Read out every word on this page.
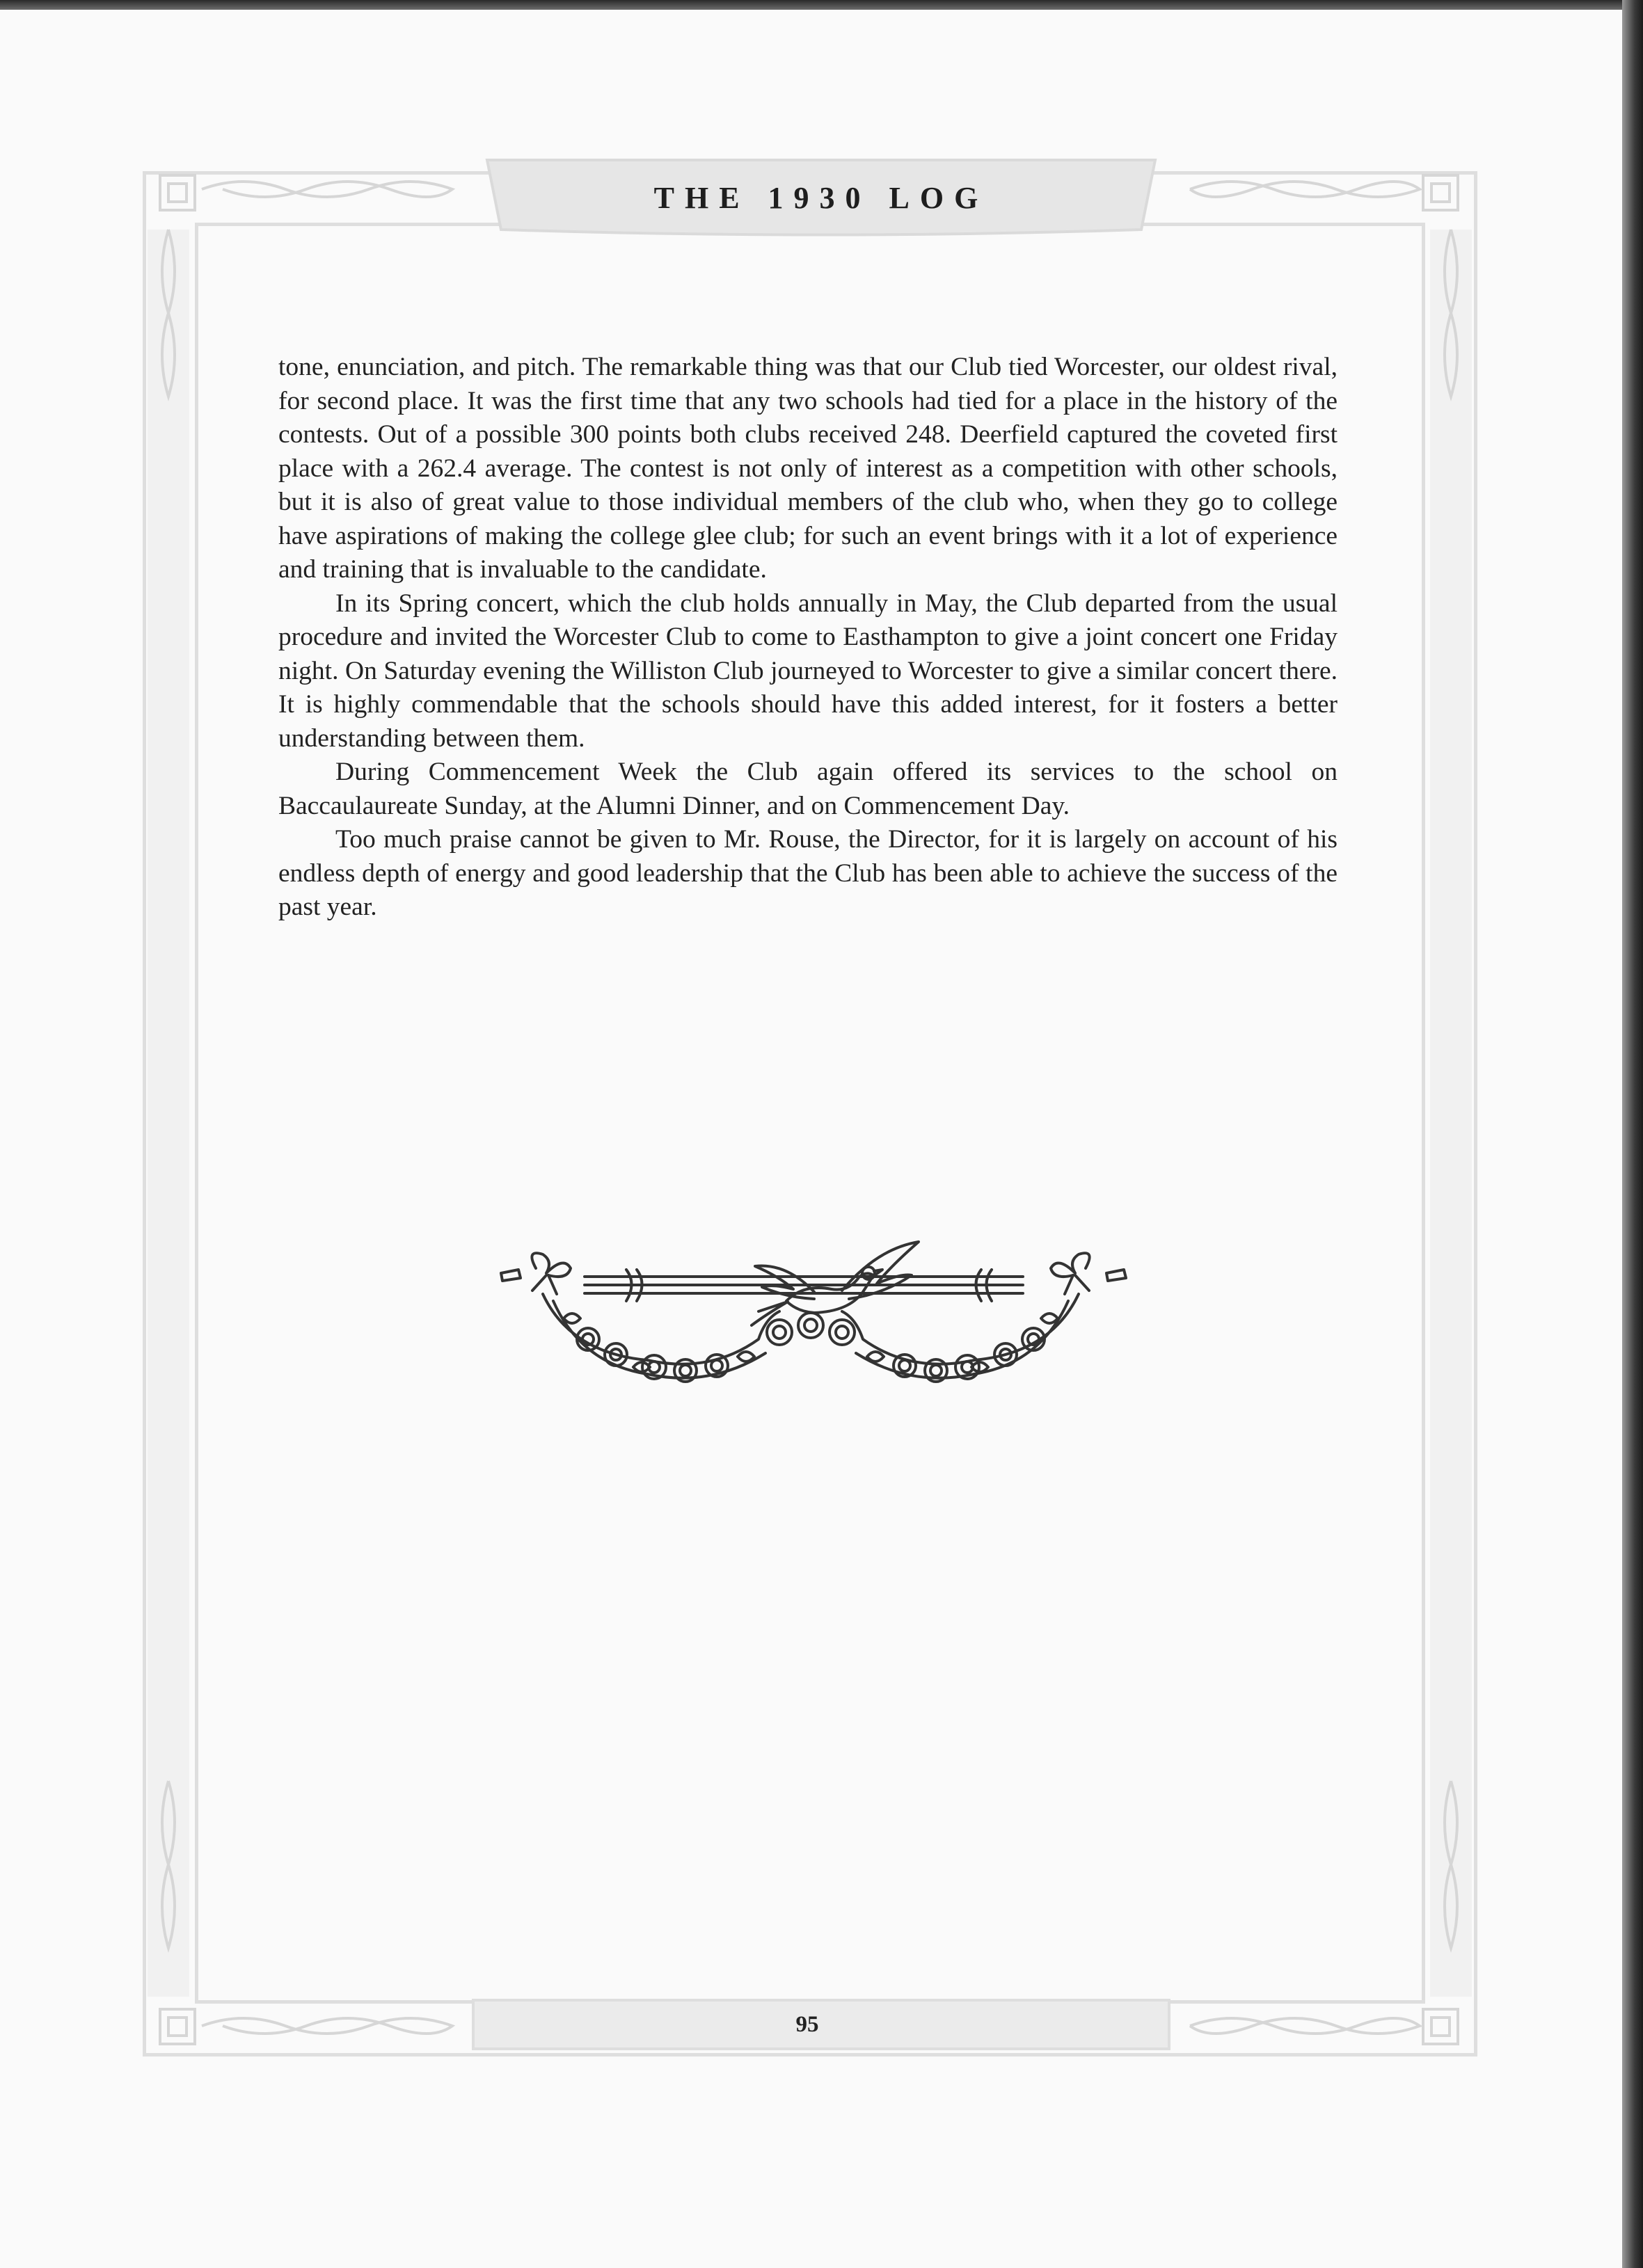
THE 1930 LOG

tone, enunciation, and pitch. The remarkable thing was that our Club tied Worcester, our oldest rival, for second place. It was the first time that any two schools had tied for a place in the history of the contests. Out of a possible 300 points both clubs received 248. Deerfield captured the coveted first place with a 262.4 average. The contest is not only of interest as a competition with other schools, but it is also of great value to those individual members of the club who, when they go to college have aspirations of making the college glee club; for such an event brings with it a lot of experience and training that is invaluable to the candidate.

In its Spring concert, which the club holds annually in May, the Club departed from the usual procedure and invited the Worcester Club to come to Easthampton to give a joint concert one Friday night. On Saturday evening the Williston Club journeyed to Worcester to give a similar concert there. It is highly commendable that the schools should have this added interest, for it fosters a better understanding between them.

During Commencement Week the Club again offered its services to the school on Baccaulaureate Sunday, at the Alumni Dinner, and on Commencement Day.

Too much praise cannot be given to Mr. Rouse, the Director, for it is largely on account of his endless depth of energy and good leadership that the Club has been able to achieve the success of the past year.

95
